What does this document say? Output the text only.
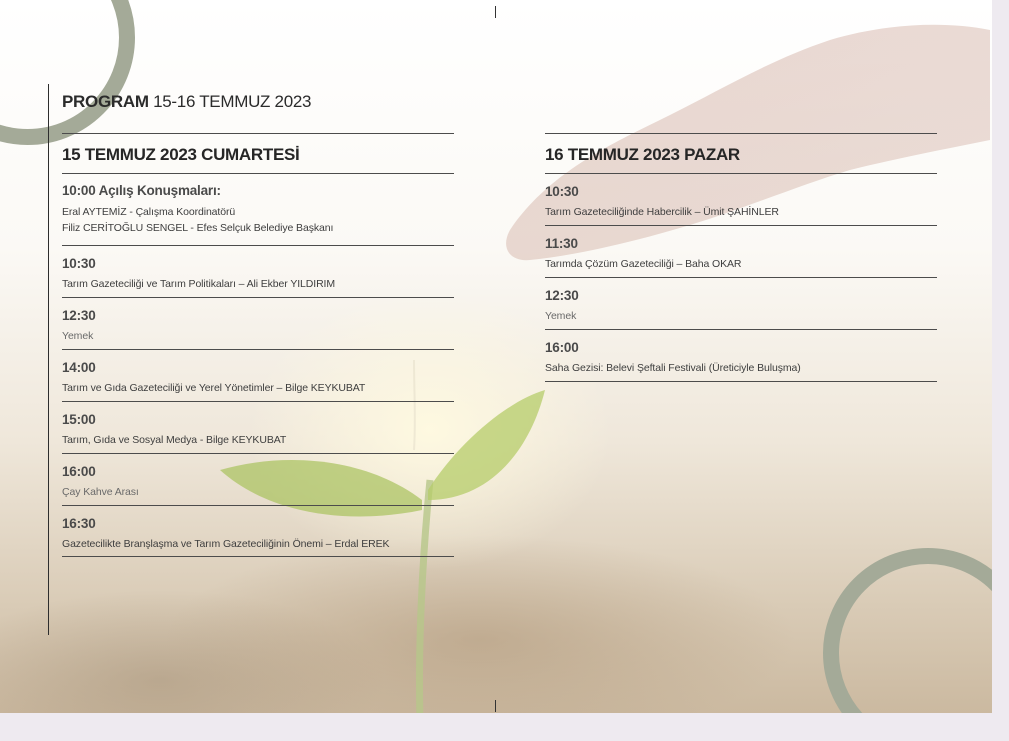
PROGRAM 15-16 TEMMUZ 2023
15 TEMMUZ 2023 CUMARTESİ
10:00 Açılış Konuşmaları:
Eral AYTEMİZ - Çalışma Koordinatörü
Filiz CERİTOĞLU SENGEL - Efes Selçuk Belediye Başkanı
10:30
Tarım Gazeteciliği ve Tarım Politikaları – Ali Ekber YILDIRIM
12:30
Yemek
14:00
Tarım ve Gıda Gazeteciliği ve Yerel Yönetimler – Bilge KEYKUBAT
15:00
Tarım, Gıda ve Sosyal Medya - Bilge KEYKUBAT
16:00
Çay Kahve Arası
16:30
Gazetecilikte Branşlaşma ve Tarım Gazeteciliğinin Önemi – Erdal EREK
16 TEMMUZ 2023 PAZAR
10:30
Tarım Gazeteciliğinde Habercilik – Ümit ŞAHİNLER
11:30
Tarımda Çözüm Gazeteciliği – Baha OKAR
12:30
Yemek
16:00
Saha Gezisi: Belevi Şeftali Festivali (Üreticiyle Buluşma)
